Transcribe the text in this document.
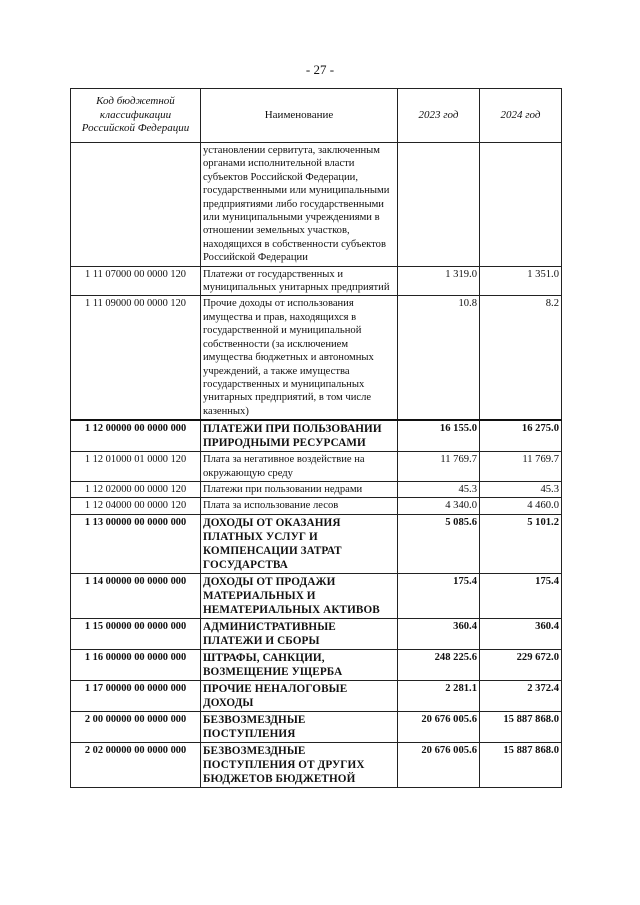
- 27 -
Код бюджетной классификации Российской Федерации	Наименование	2023 год	2024 год
	установлении сервитута, заключенным органами исполнительной власти субъектов Российской Федерации, государственными или муниципальными предприятиями либо государственными или муниципальными учреждениями в отношении земельных участков, находящихся в собственности субъектов Российской Федерации		
1 11 07000 00 0000 120	Платежи от государственных и муниципальных унитарных предприятий	1 319.0	1 351.0
1 11 09000 00 0000 120	Прочие доходы от использования имущества и прав, находящихся в государственной и муниципальной собственности (за исключением имущества бюджетных и автономных учреждений, а также имущества государственных и муниципальных унитарных предприятий, в том числе казенных)	10.8	8.2
1 12 00000 00 0000 000	ПЛАТЕЖИ ПРИ ПОЛЬЗОВАНИИ ПРИРОДНЫМИ РЕСУРСАМИ	16 155.0	16 275.0
1 12 01000 01 0000 120	Плата за негативное воздействие на окружающую среду	11 769.7	11 769.7
1 12 02000 00 0000 120	Платежи при пользовании недрами	45.3	45.3
1 12 04000 00 0000 120	Плата за использование лесов	4 340.0	4 460.0
1 13 00000 00 0000 000	ДОХОДЫ ОТ ОКАЗАНИЯ ПЛАТНЫХ УСЛУГ И КОМПЕНСАЦИИ ЗАТРАТ ГОСУДАРСТВА	5 085.6	5 101.2
1 14 00000 00 0000 000	ДОХОДЫ ОТ ПРОДАЖИ МАТЕРИАЛЬНЫХ И НЕМАТЕРИАЛЬНЫХ АКТИВОВ	175.4	175.4
1 15 00000 00 0000 000	АДМИНИСТРАТИВНЫЕ ПЛАТЕЖИ И СБОРЫ	360.4	360.4
1 16 00000 00 0000 000	ШТРАФЫ, САНКЦИИ, ВОЗМЕЩЕНИЕ УЩЕРБА	248 225.6	229 672.0
1 17 00000 00 0000 000	ПРОЧИЕ НЕНАЛОГОВЫЕ ДОХОДЫ	2 281.1	2 372.4
2 00 00000 00 0000 000	БЕЗВОЗМЕЗДНЫЕ ПОСТУПЛЕНИЯ	20 676 005.6	15 887 868.0
2 02 00000 00 0000 000	БЕЗВОЗМЕЗДНЫЕ ПОСТУПЛЕНИЯ ОТ ДРУГИХ БЮДЖЕТОВ БЮДЖЕТНОЙ	20 676 005.6	15 887 868.0
